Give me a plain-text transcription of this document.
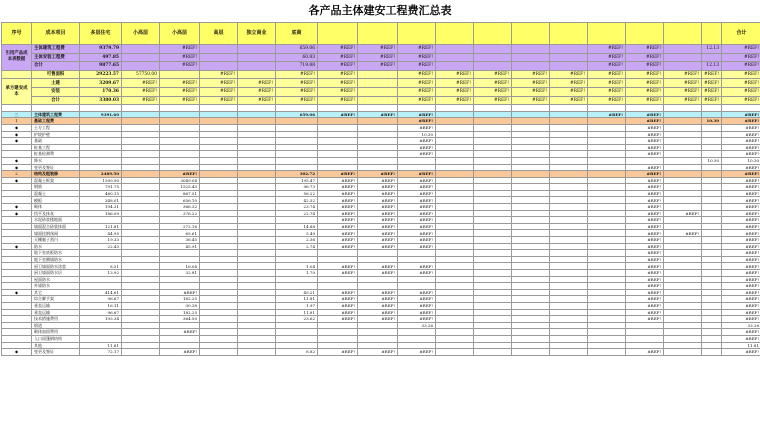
各产品主体建安工程费汇总表
序号	成本项目	多层住宅	小高层	小高层	高层	独立商业	底商												合计
引用产品成本表数据	主体建筑工程费	9379.79		#REF!			659.06	#REF!	#REF!	#REF!					#REF!	#REF!		12.13	#REF!
	主体安装工程费	497.85		#REF!			60.83	#REF!	#REF!	#REF!					#REF!	#REF!			#REF!
	合计	9877.65		#REF!			719.88	#REF!	#REF!	#REF!					#REF!	#REF!		12.13	#REF!
	可售面积	29223.57	57750.00		#REF!		#REF!	#REF!		#REF!	#REF!	#REF!	#REF!	#REF!	#REF!	#REF!	#REF!	#REF!	#REF!
单方建安成本	土建	3209.67	#REF!	#REF!	#REF!	#REF!	#REF!	#REF!		#REF!	#REF!	#REF!	#REF!	#REF!	#REF!	#REF!	#REF!	#REF!	#REF!
	安装	170.36	#REF!	#REF!	#REF!	#REF!	#REF!	#REF!		#REF!	#REF!	#REF!	#REF!	#REF!	#REF!	#REF!	#REF!	#REF!	#REF!
	合计	3380.03	#REF!	#REF!	#REF!	#REF!	#REF!	#REF!		#REF!	#REF!	#REF!	#REF!	#REF!	#REF!	#REF!	#REF!	#REF!	#REF!

三	主体建筑工程费	9391.60					659.06	#REF!	#REF!	#REF!					#REF!	#REF!			#REF!
1	基础工程费									#REF!						#REF!		10.30	#REF!
◆	土方工程									#REF!						#REF!			#REF!
◆	护坡护壁									10.30						#REF!			#REF!
◆	基础									#REF!						#REF!			#REF!
	桩基工程									#REF!						#REF!			#REF!
	桩基检测费									#REF!						#REF!			#REF!
◆	降水																	10.30	10.30
◆	变更及签证															#REF!			#REF!
2	结构及粗装修	2489.50		#REF!			302.72	#REF!	#REF!	#REF!						#REF!			#REF!
◆	混凝土框架	1399.90		3049.04			195.47	#REF!	#REF!	#REF!						#REF!			#REF!
	钢筋	791.75		1525.43			96.73	#REF!	#REF!	#REF!						#REF!			#REF!
	混凝土	460.15		867.51			56.22	#REF!	#REF!	#REF!						#REF!			#REF!
	模板	348.01		656.10			42.52	#REF!	#REF!	#REF!						#REF!			#REF!
◆	砌体	194.31		366.32			23.74	#REF!	#REF!	#REF!						#REF!			#REF!
◆	找平及抹灰	186.09		376.22			22.74	#REF!	#REF!	#REF!						#REF!	#REF!		#REF!
	水泥砂浆楼地面							#REF!	#REF!	#REF!						#REF!			#REF!
	墙面混合砂浆抹面	121.81		272.16			14.88	#REF!	#REF!	#REF!						#REF!			#REF!
	墙面挂钢丝网	44.95		65.61			5.49	#REF!	#REF!	#REF!						#REF!	#REF!		#REF!
	天棚腻子刮白	19.33		36.45			2.36	#REF!	#REF!	#REF!						#REF!			#REF!
◆	防水	22.43		45.91			2.74	#REF!	#REF!	#REF!						#REF!			#REF!
	地下室底板防水															#REF!			#REF!
	地下室侧墙防水															#REF!			#REF!
	厨卫墙面防水涂浆	8.51		16.04			1.04	#REF!	#REF!	#REF!						#REF!			#REF!
	厨卫墙面防水层	13.92		32.81			1.70	#REF!	#REF!	#REF!						#REF!			#REF!
	屋面防水															#REF!			#REF!
	外墙防水															#REF!			#REF!
◆	其它	414.61		#REF!			49.21	#REF!	#REF!	#REF!						#REF!			#REF!
	综合脚手架	96.67		182.25			11.81	#REF!	#REF!	#REF!						#REF!			#REF!
	垂直运输	16.11		30.38			1.97	#REF!	#REF!	#REF!						#REF!			#REF!
	垂直运输	96.67		182.25			11.81	#REF!	#REF!	#REF!						#REF!			#REF!
	技术措施费用	193.34		364.50			23.62	#REF!	#REF!	#REF!						#REF!			#REF!
	烟道									33.26									33.26
	砌体加固费用			#REF!															#REF!
	入口雨篷钢结构																		#REF!
	其他	11.81																	11.81
◆	变更及签证	72.17		#REF!			8.82	#REF!	#REF!	#REF!						#REF!			#REF!
